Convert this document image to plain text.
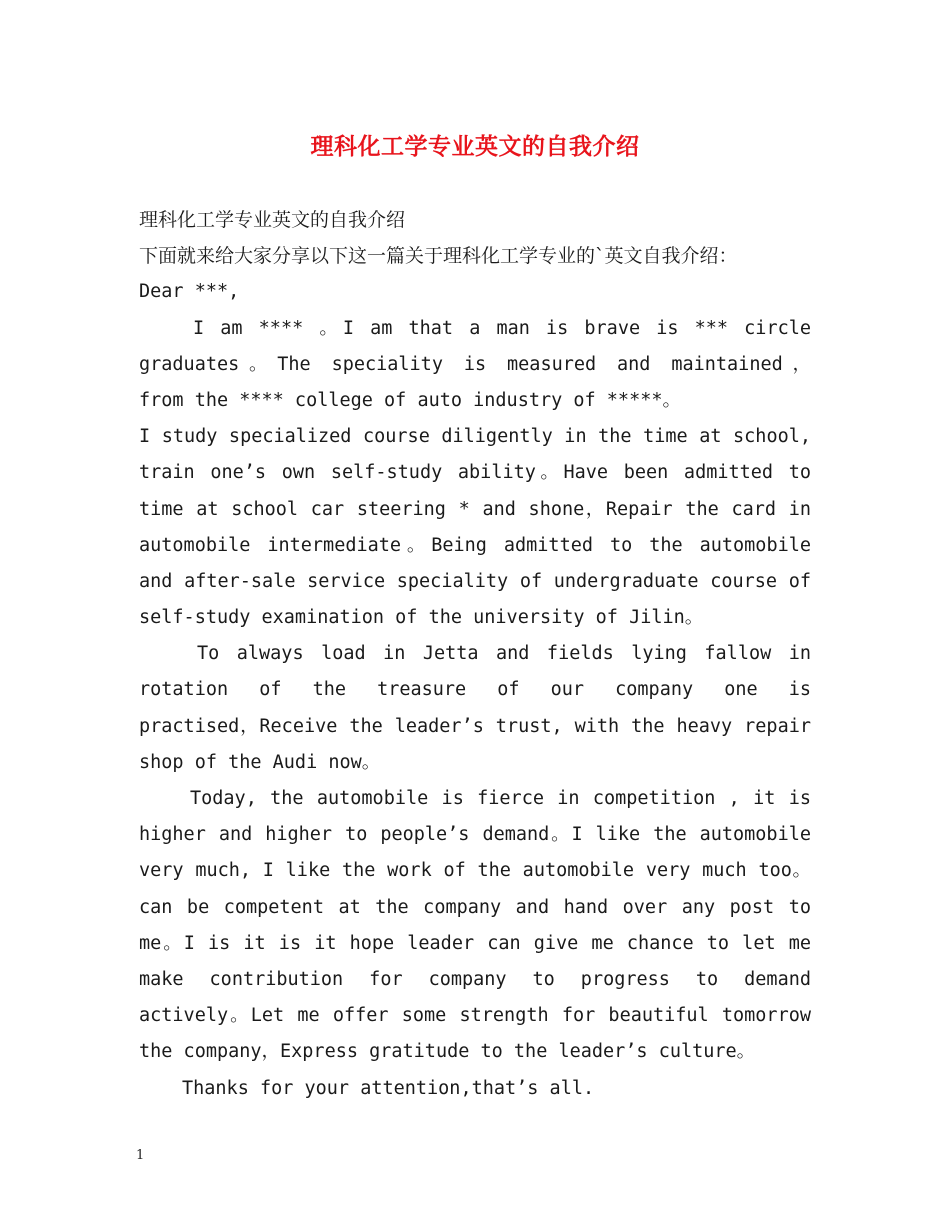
理科化工学专业英文的自我介绍
理科化工学专业英文的自我介绍
下面就来给大家分享以下这一篇关于理科化工学专业的`英文自我介绍：
Dear ***,
I am **** 。I am that a man is brave is *** circle
graduates。The speciality is measured and maintained，
from the **** college of auto industry of *****。
I study specialized course diligently in the time at school,
train one’s own self-study ability。Have been admitted to
time at school car steering * and shone，Repair the card in
automobile intermediate。Being admitted to the automobile
and after-sale service speciality of undergraduate course of
self-study examination of the university of Jilin。
To always load in Jetta and fields lying fallow in
rotation of the treasure of our company one is
practised，Receive the leader’s trust, with the heavy repair
shop of the Audi now。
Today, the automobile is fierce in competition , it is
higher and higher to people’s demand。I like the automobile
very much, I like the work of the automobile very much too。
can be competent at the company and hand over any post to
me。I is it is it hope leader can give me chance to let me
make contribution for company to progress to demand
actively。Let me offer some strength for beautiful tomorrow
the company，Express gratitude to the leader’s culture。
Thanks for your attention,that’s all.
1
